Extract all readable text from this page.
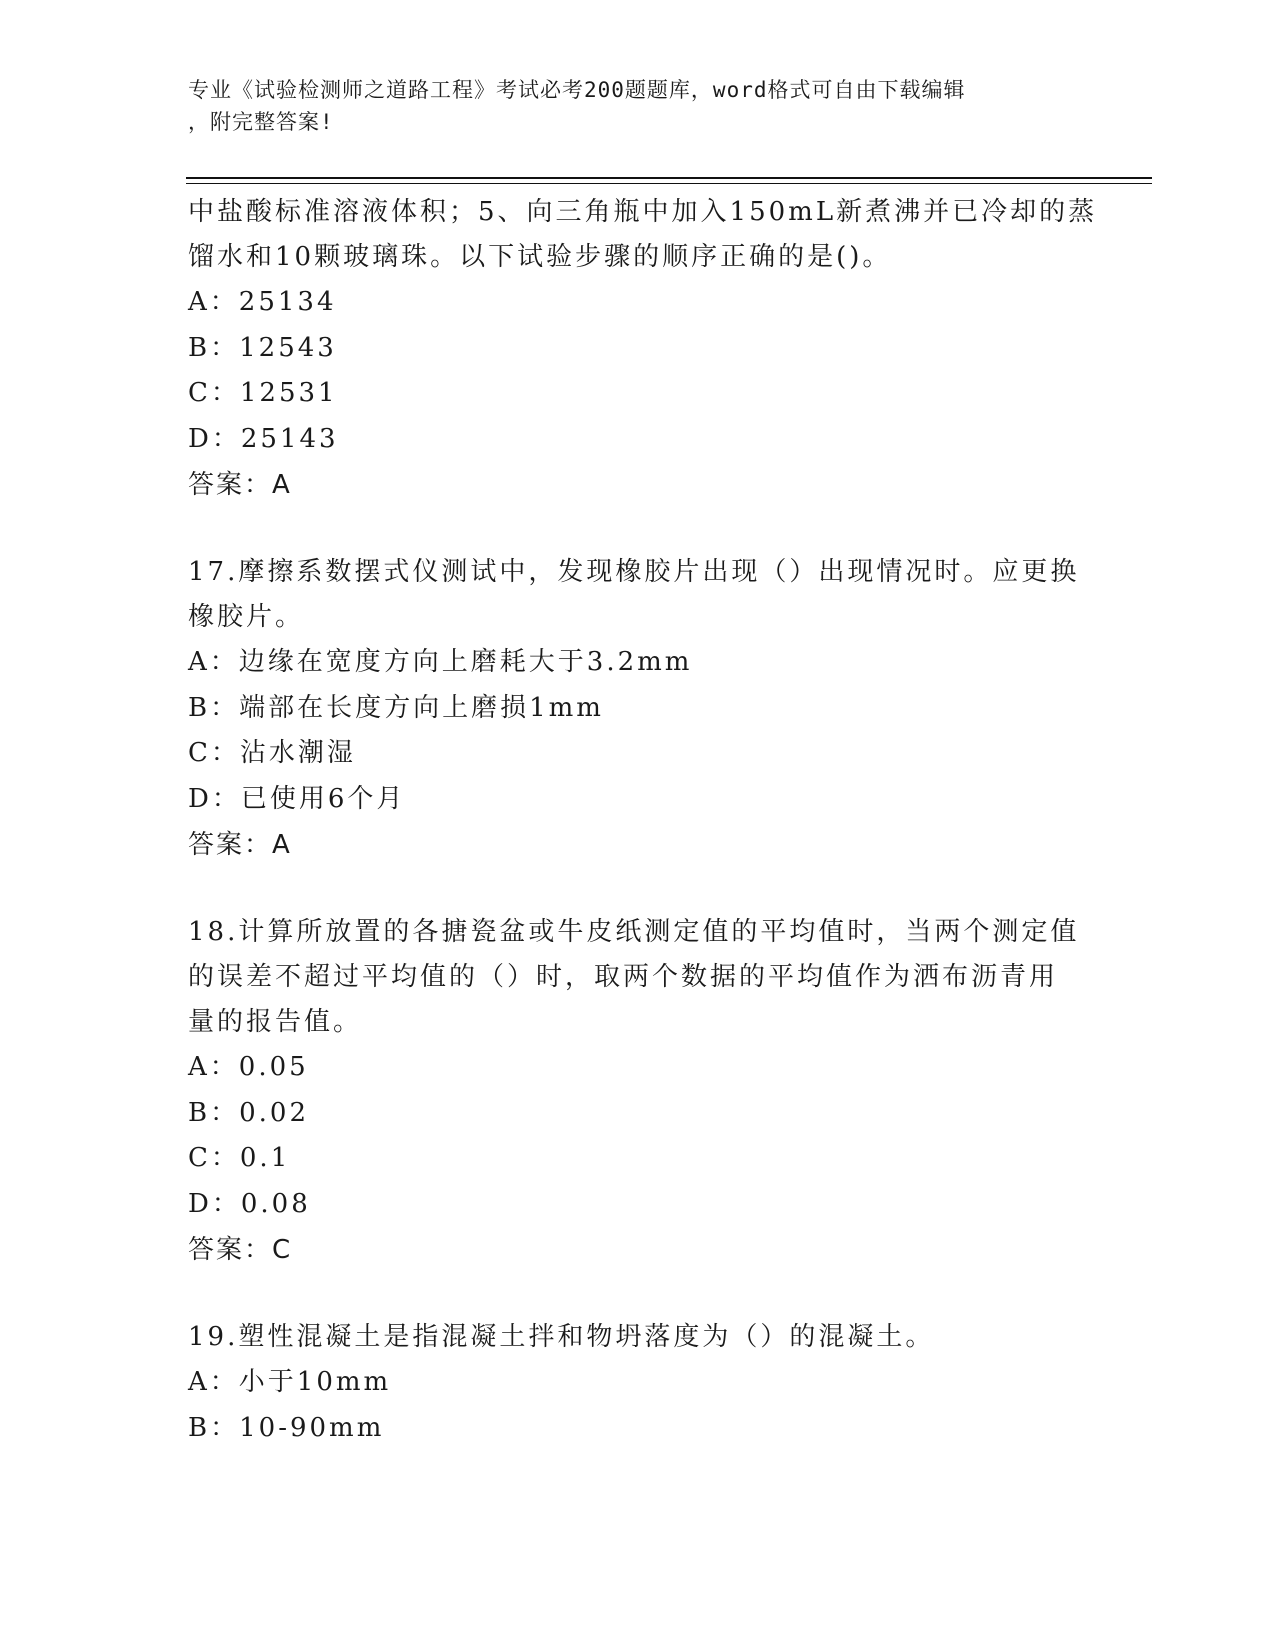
专业《试验检测师之道路工程》考试必考200题题库，word格式可自由下载编辑
，附完整答案!
中盐酸标准溶液体积；5、向三角瓶中加入150mL新煮沸并已冷却的蒸
馏水和10颗玻璃珠。以下试验步骤的顺序正确的是()。
A：25134
B：12543
C：12531
D：25143
答案：A
17.摩擦系数摆式仪测试中，发现橡胶片出现（）出现情况时。应更换
橡胶片。
A：边缘在宽度方向上磨耗大于3.2mm
B：端部在长度方向上磨损1mm
C：沾水潮湿
D：已使用6个月
答案：A
18.计算所放置的各搪瓷盆或牛皮纸测定值的平均值时，当两个测定值
的误差不超过平均值的（）时，取两个数据的平均值作为洒布沥青用
量的报告值。
A：0.05
B：0.02
C：0.1
D：0.08
答案：C
19.塑性混凝土是指混凝土拌和物坍落度为（）的混凝土。
A：小于10mm
B：10-90mm
